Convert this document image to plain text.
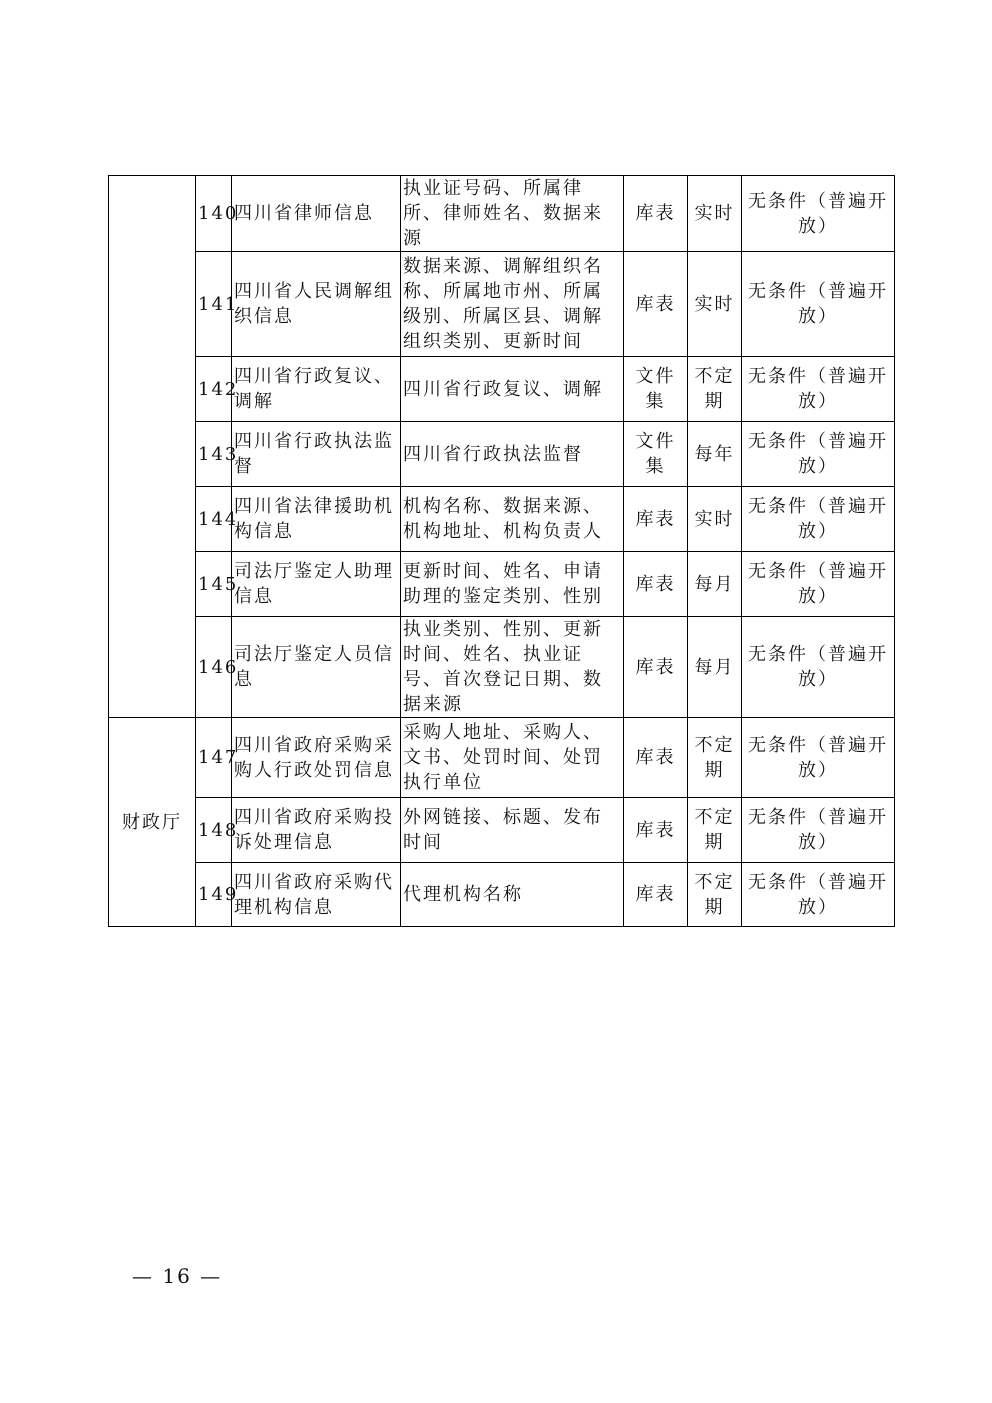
	140	四川省律师信息	执业证号码、所属律所、律师姓名、数据来源	库表	实时	无条件（普遍开放）
	141	四川省人民调解组织信息	数据来源、调解组织名称、所属地市州、所属级别、所属区县、调解组织类别、更新时间	库表	实时	无条件（普遍开放）
	142	四川省行政复议、调解	四川省行政复议、调解	文件集	不定期	无条件（普遍开放）
	143	四川省行政执法监督	四川省行政执法监督	文件集	每年	无条件（普遍开放）
	144	四川省法律援助机构信息	机构名称、数据来源、机构地址、机构负责人	库表	实时	无条件（普遍开放）
	145	司法厅鉴定人助理信息	更新时间、姓名、申请助理的鉴定类别、性别	库表	每月	无条件（普遍开放）
	146	司法厅鉴定人员信息	执业类别、性别、更新时间、姓名、执业证号、首次登记日期、数据来源	库表	每月	无条件（普遍开放）
财政厅	147	四川省政府采购采购人行政处罚信息	采购人地址、采购人、文书、处罚时间、处罚执行单位	库表	不定期	无条件（普遍开放）
	148	四川省政府采购投诉处理信息	外网链接、标题、发布时间	库表	不定期	无条件（普遍开放）
	149	四川省政府采购代理机构信息	代理机构名称	库表	不定期	无条件（普遍开放）
— 16 —
